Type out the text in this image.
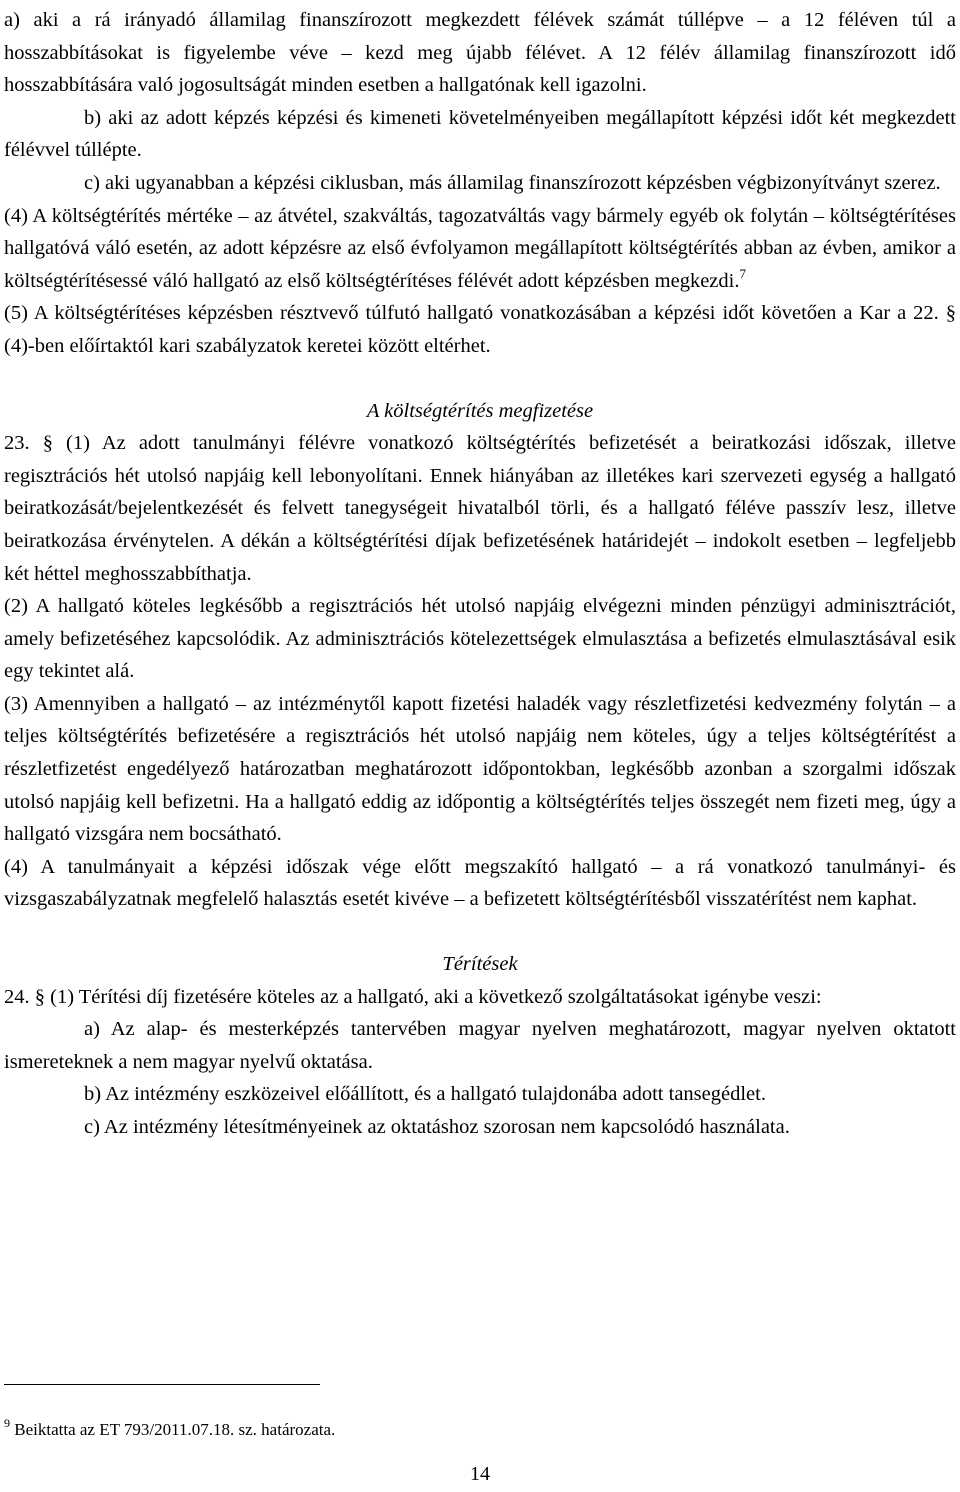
a) aki a rá irányadó államilag finanszírozott megkezdett félévek számát túllépve – a 12 féléven túl a hosszabbításokat is figyelembe véve – kezd meg újabb félévet. A 12 félév államilag finanszírozott idő hosszabbítására való jogosultságát minden esetben a hallgatónak kell igazolni.

b) aki az adott képzés képzési és kimeneti követelményeiben megállapított képzési időt két megkezdett félévvel túllépte.

c) aki ugyanabban a képzési ciklusban, más államilag finanszírozott képzésben végbizonyítványt szerez.

(4) A költségtérítés mértéke – az átvétel, szakváltás, tagozatváltás vagy bármely egyéb ok folytán – költségtérítéses hallgatóvá váló esetén, az adott képzésre az első évfolyamon megállapított költségtérítés abban az évben, amikor a költségtérítésessé váló hallgató az első költségtérítéses félévét adott képzésben megkezdi.$^7$

(5) A költségtérítéses képzésben résztvevő túlfutó hallgató vonatkozásában a képzési időt követően a Kar a 22. § (4)-ben előírtaktól kari szabályzatok keretei között eltérhet.

A költségtérítés megfizetése

23. § (1) Az adott tanulmányi félévre vonatkozó költségtérítés befizetését a beiratkozási időszak, illetve regisztrációs hét utolsó napjáig kell lebonyolítani. Ennek hiányában az illetékes kari szervezeti egység a hallgató beiratkozását/bejelentkezését és felvett tanegységeit hivatalból törli, és a hallgató féléve passzív lesz, illetve beiratkozása érvénytelen. A dékán a költségtérítési díjak befizetésének határidejét – indokolt esetben – legfeljebb két héttel meghosszabbíthatja.

(2) A hallgató köteles legkésőbb a regisztrációs hét utolsó napjáig elvégezni minden pénzügyi adminisztrációt, amely befizetéséhez kapcsolódik. Az adminisztrációs kötelezettségek elmulasztása a befizetés elmulasztásával esik egy tekintet alá.

(3) Amennyiben a hallgató – az intézménytől kapott fizetési haladék vagy részletfizetési kedvezmény folytán – a teljes költségtérítés befizetésére a regisztrációs hét utolsó napjáig nem köteles, úgy a teljes költségtérítést a részletfizetést engedélyező határozatban meghatározott időpontokban, legkésőbb azonban a szorgalmi időszak utolsó napjáig kell befizetni. Ha a hallgató eddig az időpontig a költségtérítés teljes összegét nem fizeti meg, úgy a hallgató vizsgára nem bocsátható.

(4) A tanulmányait a képzési időszak vége előtt megszakító hallgató – a rá vonatkozó tanulmányi- és vizsgaszabályzatnak megfelelő halasztás esetét kivéve – a befizetett költségtérítésből visszatérítést nem kaphat.

Térítések

24. § (1) Térítési díj fizetésére köteles az a hallgató, aki a következő szolgáltatásokat igénybe veszi:

a) Az alap- és mesterképzés tantervében magyar nyelven meghatározott, magyar nyelven oktatott ismereteknek a nem magyar nyelvű oktatása.

b) Az intézmény eszközeivel előállított, és a hallgató tulajdonába adott tansegédlet.

c) Az intézmény létesítményeinek az oktatáshoz szorosan nem kapcsolódó használata.

$^9$ Beiktatta az ET 793/2011.07.18. sz. határozata.
14
